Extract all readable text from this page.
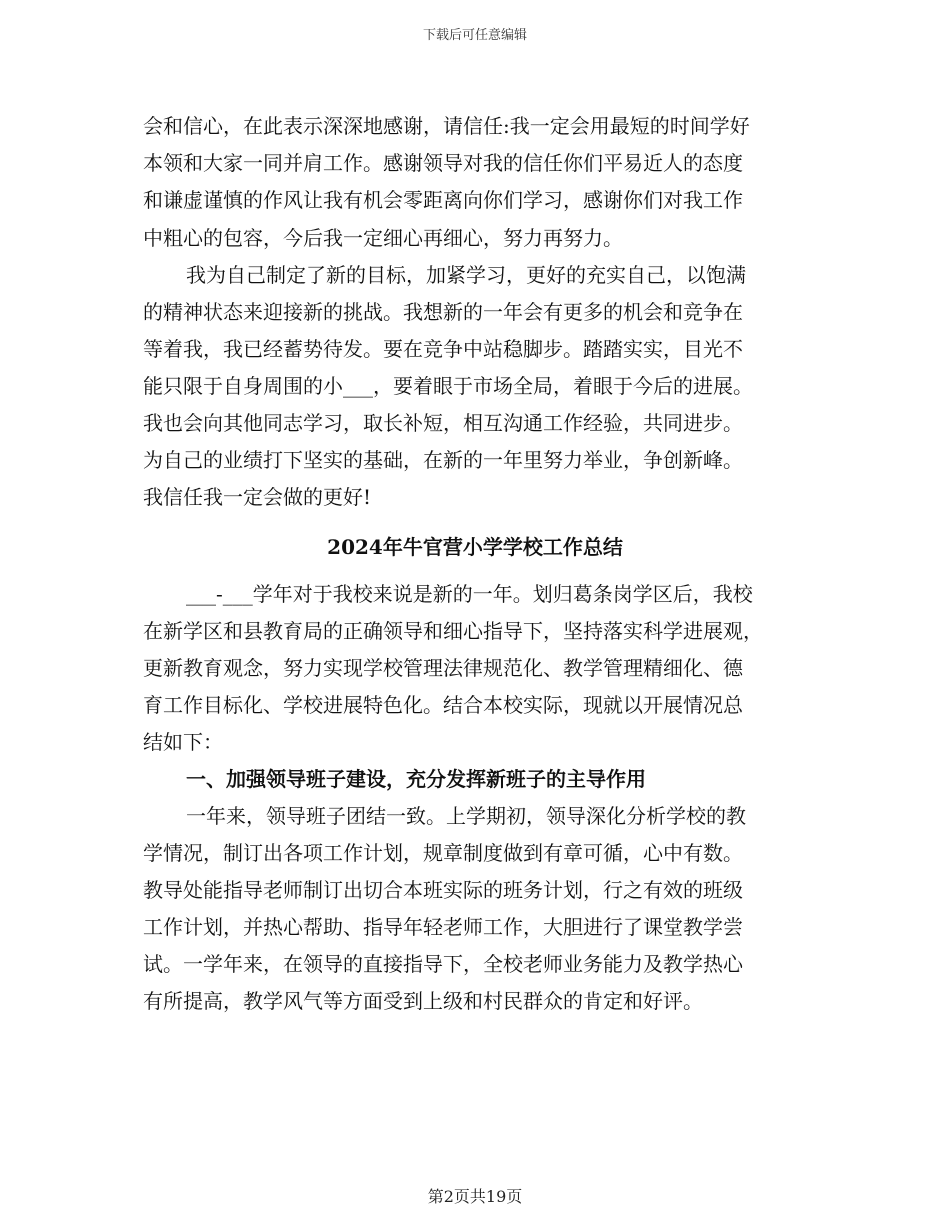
下载后可任意编辑
会和信心，在此表示深深地感谢，请信任:我一定会用最短的时间学好
本领和大家一同并肩工作。感谢领导对我的信任你们平易近人的态度
和谦虚谨慎的作风让我有机会零距离向你们学习，感谢你们对我工作
中粗心的包容，今后我一定细心再细心，努力再努力。
我为自己制定了新的目标，加紧学习，更好的充实自己，以饱满
的精神状态来迎接新的挑战。我想新的一年会有更多的机会和竞争在
等着我，我已经蓄势待发。要在竞争中站稳脚步。踏踏实实，目光不
能只限于自身周围的小___，要着眼于市场全局，着眼于今后的进展。
我也会向其他同志学习，取长补短，相互沟通工作经验，共同进步。
为自己的业绩打下坚实的基础，在新的一年里努力举业，争创新峰。
我信任我一定会做的更好!
2024年牛官营小学学校工作总结
___-___学年对于我校来说是新的一年。划归葛条岗学区后，我校
在新学区和县教育局的正确领导和细心指导下，坚持落实科学进展观，
更新教育观念，努力实现学校管理法律规范化、教学管理精细化、德
育工作目标化、学校进展特色化。结合本校实际，现就以开展情况总
结如下：
一、加强领导班子建设，充分发挥新班子的主导作用
一年来，领导班子团结一致。上学期初，领导深化分析学校的教
学情况，制订出各项工作计划，规章制度做到有章可循，心中有数。
教导处能指导老师制订出切合本班实际的班务计划，行之有效的班级
工作计划，并热心帮助、指导年轻老师工作，大胆进行了课堂教学尝
试。一学年来，在领导的直接指导下，全校老师业务能力及教学热心
有所提高，教学风气等方面受到上级和村民群众的肯定和好评。
第2页共19页
